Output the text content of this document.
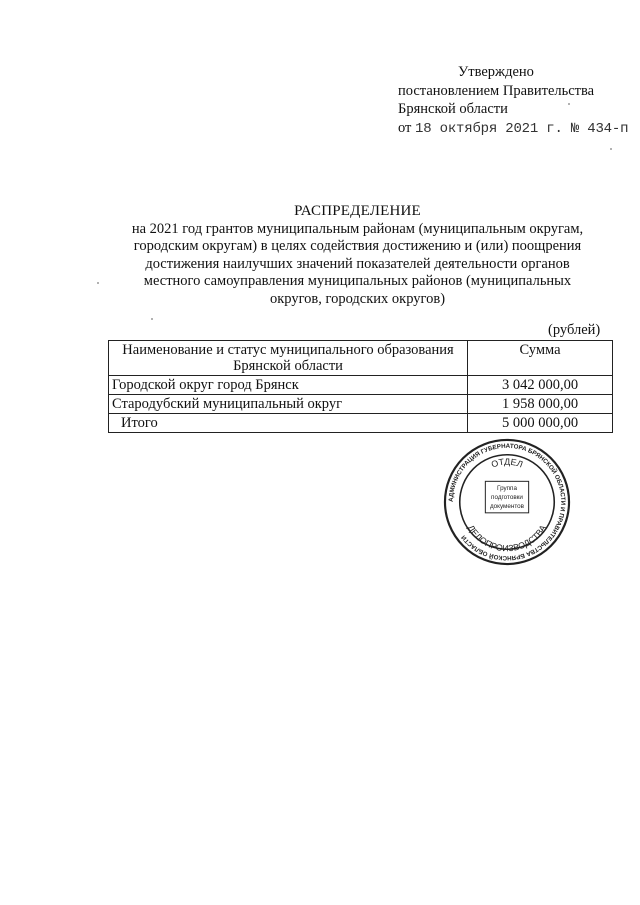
Утверждено
постановлением Правительства
Брянской области
от 18 октября 2021 г. № 434-п
РАСПРЕДЕЛЕНИЕ
на 2021 год грантов муниципальным районам (муниципальным округам,
городским округам) в целях содействия достижению и (или) поощрения
достижения наилучших значений показателей деятельности органов
местного самоуправления муниципальных районов (муниципальных
округов, городских округов)
(рублей)
Наименование и статус муниципального образования Брянской области	Сумма
Городской округ город Брянск	3 042 000,00
Стародубский муниципальный округ	1 958 000,00
Итого	5 000 000,00
АДМИНИСТРАЦИЯ ГУБЕРНАТОРА БРЯНСКОЙ ОБЛАСТИ И ПРАВИТЕЛЬСТВА БРЯНСКОЙ ОБЛАСТИ
ОТДЕЛ
ДЕЛОПРОИЗВОДСТВА
Группа
подготовки
документов
